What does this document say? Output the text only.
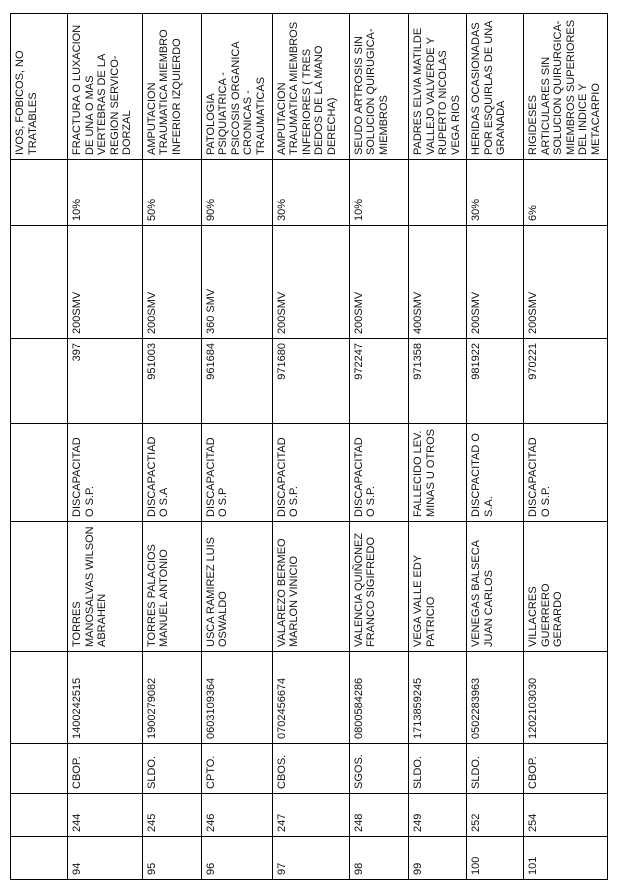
									IVOS, FOBICOS, NO TRATABLES
94	244	CBOP.	1400242515	TORRES MANOSALVAS WILSON ABRAHEN	DISCAPACITAD O S.P.	397	200SMV	10%	FRACTURA O LUXACION DE UNA O MAS VERTEBRAS DE LA REGION SERVICO-DORZAL
95	245	SLDO.	1900279082	TORRES PALACIOS MANUEL ANTONIO	DISCAPACTIAD O S.A	951003	200SMV	50%	AMPUTACION TRAUMATICA MIEMBRO INFERIOR IZQUIERDO
96	246	CPTO.	0603109364	USCA RAMIREZ LUIS OSWALDO	DISCAPACITAD O S.P	961684	360 SMV	90%	PATOLOGIA PSIQUIATRICA - PSICOSIS ORGANICA CRONICAS - TRAUMATICAS
97	247	CBOS.	0702456674	VALAREZO BERMEO MARLON VINICIO	DISCAPACITAD O S.P.	971680	200SMV	30%	AMPUTACION TRAUMATICA MIEMBROS INFERIORES ( TRES DEDOS DE LA MANO DERECHA)
98	248	SGOS.	0800584286	VALENCIA QUIÑONEZ FRANCO SIGIFREDO	DISCAPACITAD O S.P.	972247	200SMV	10%	SEUDO ARTROSIS SIN SOLUCION QUIRUGICA-MIEMBROS
99	249	SLDO.	1713859245	VEGA VALLE EDY PATRICIO	FALLECIDO LEV. MINAS U OTROS	971358	400SMV		PADRES ELVIA MATILDE VALLEJO VALVERDE Y RUPERTO NICOLAS VEGA RIOS
100	252	SLDO.	0502283963	VENEGAS BALSECA JUAN CARLOS	DISCPACITAD O S.A.	981922	200SMV	30%	HERIDAS OCASIONADAS POR ESQUIRLAS DE UNA GRANADA
101	254	CBOP.	1202103030	VILLACRES GUERRERO GERARDO	DISCAPACITAD O S.P.	970221	200SMV	6%	RIGIDESES ARTICULARES SIN SOLUCION QUIRURGICA- MIEMBROS SUPERIORES DEL INDICE Y METACARPIO
